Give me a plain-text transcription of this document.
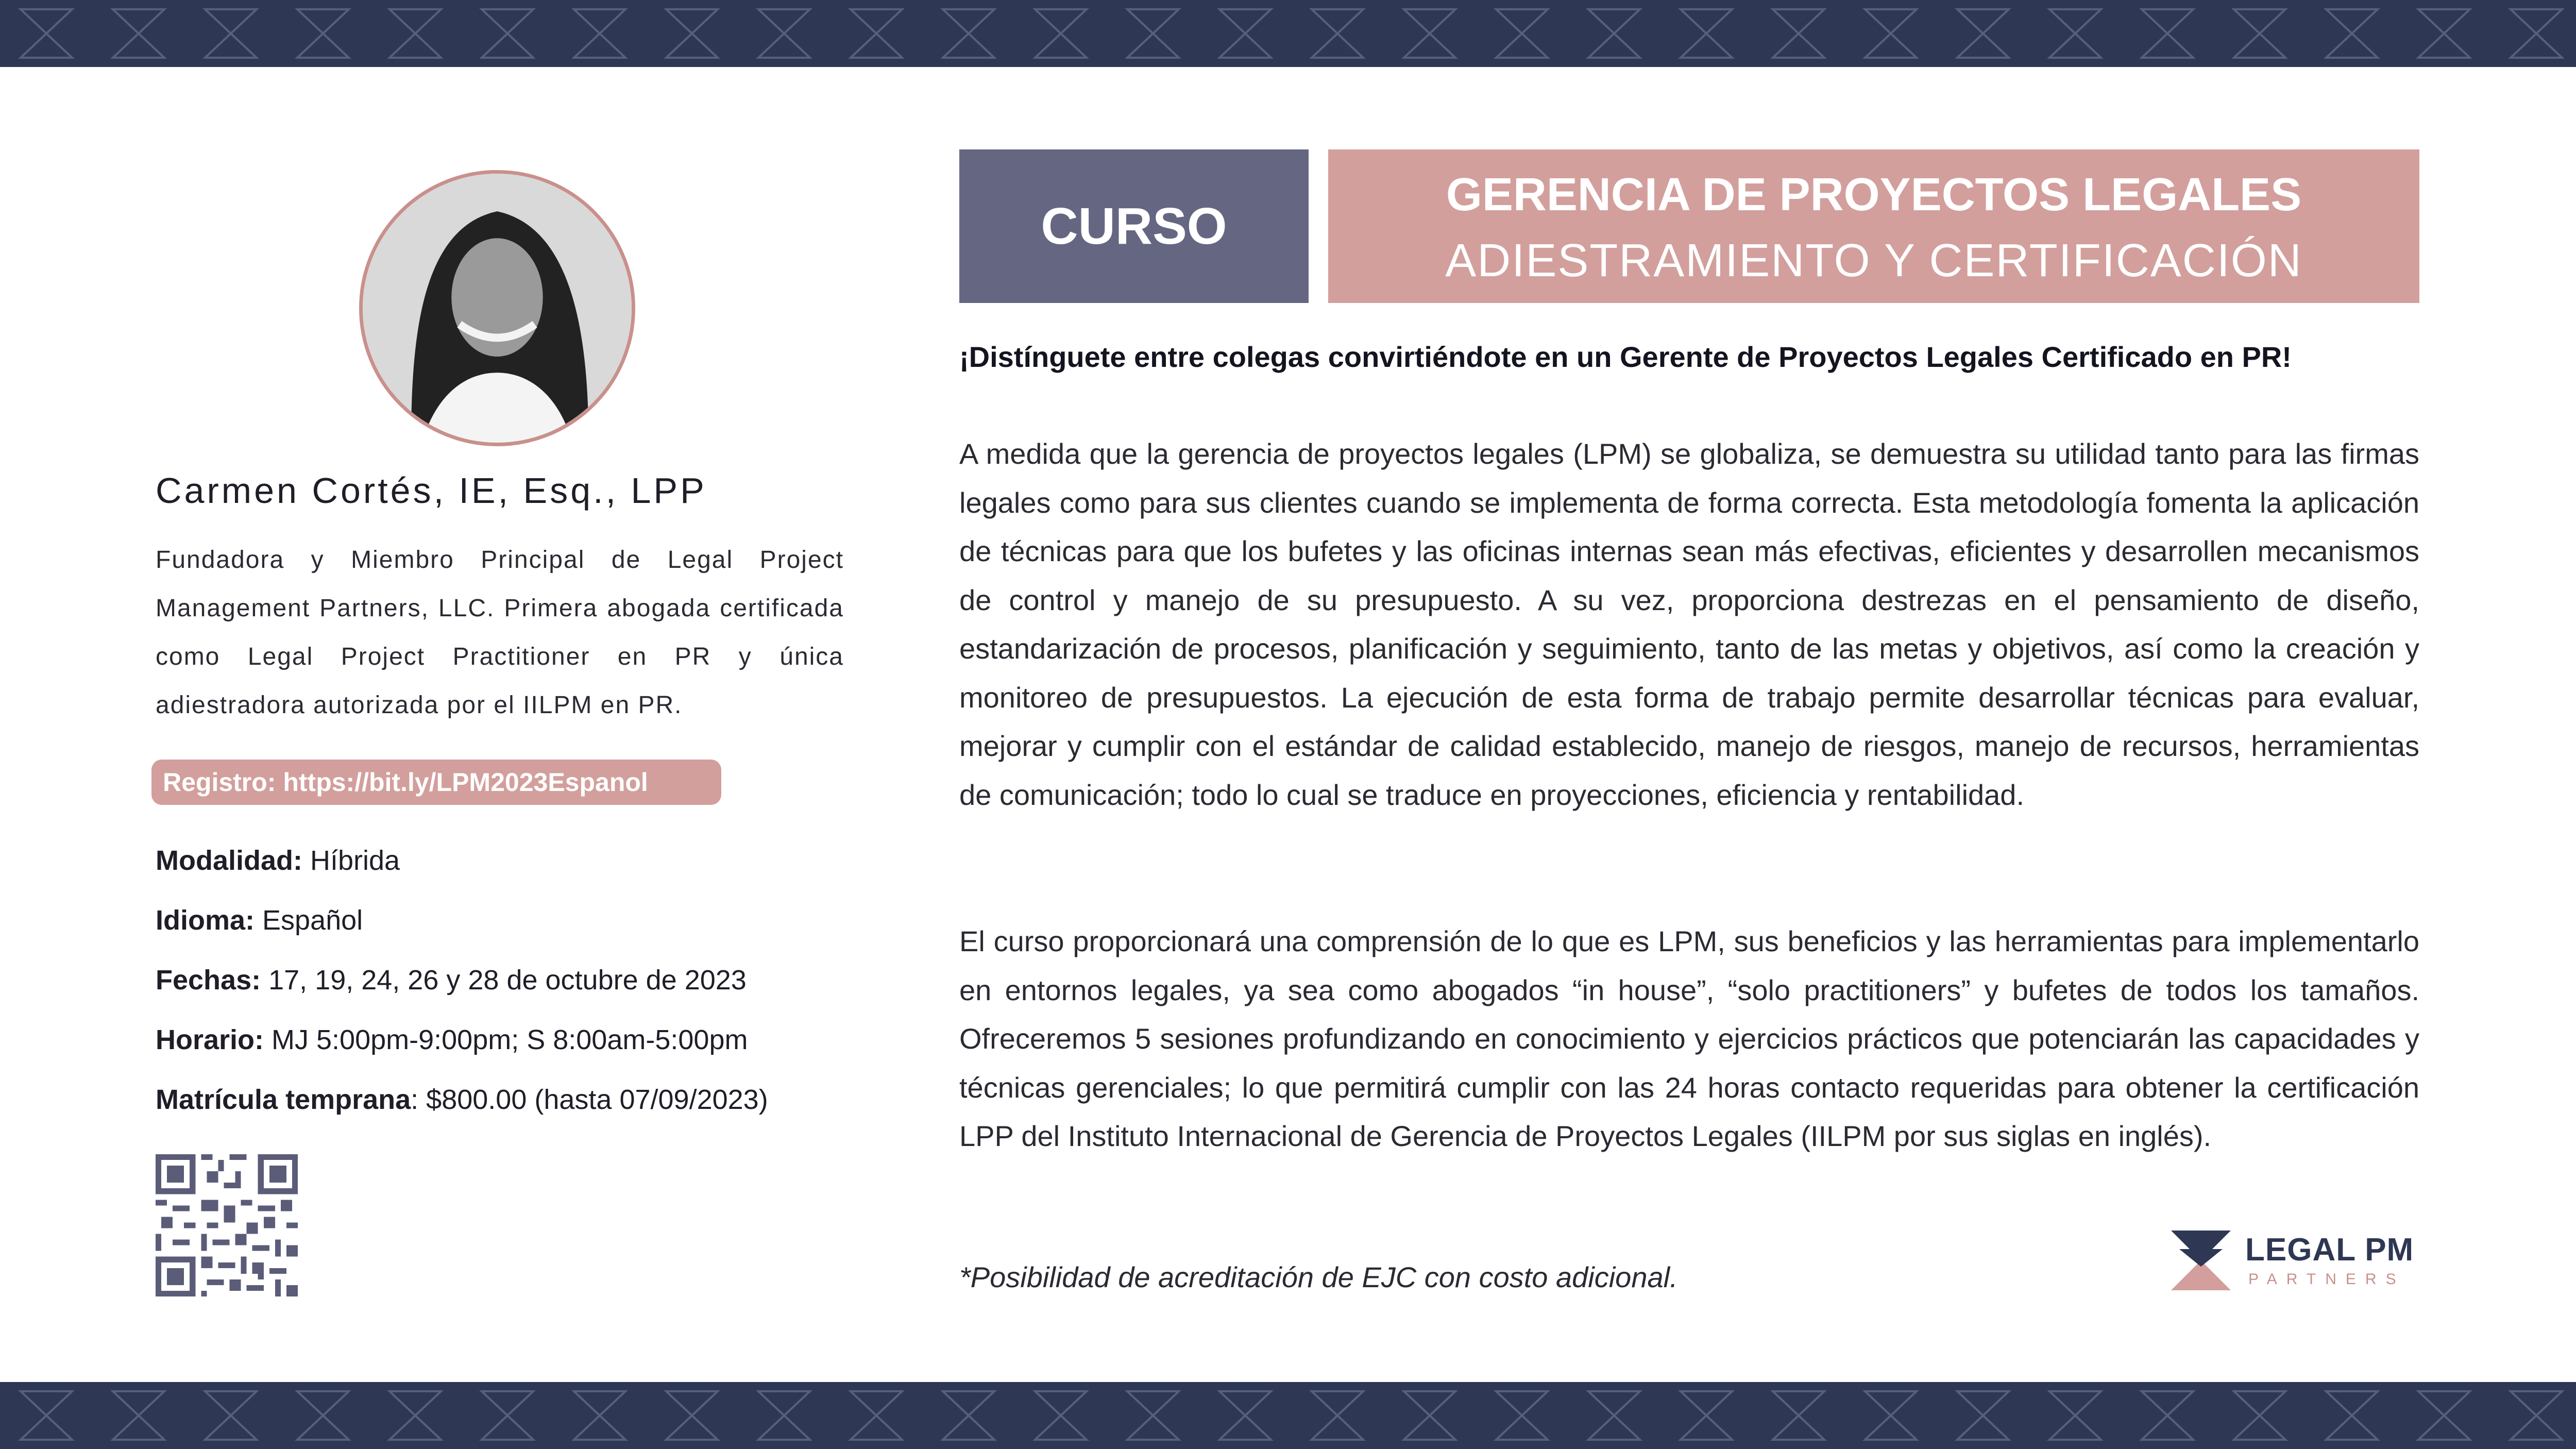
Carmen Cortés, IE, Esq., LPP
Fundadora y Miembro Principal de Legal Project Management Partners, LLC. Primera abogada certificada como Legal Project Practitioner en PR y única adiestradora autorizada por el IILPM en PR.
Registro: https://bit.ly/LPM2023Espanol
Modalidad: Híbrida
Idioma: Español
Fechas: 17, 19, 24, 26 y 28 de octubre de 2023
Horario: MJ 5:00pm-9:00pm; S 8:00am-5:00pm
Matrícula temprana: $800.00 (hasta 07/09/2023)
CURSO
GERENCIA DE PROYECTOS LEGALES
ADIESTRAMIENTO Y CERTIFICACIÓN
¡Distínguete entre colegas convirtiéndote en un Gerente de Proyectos Legales Certificado en PR!
A medida que la gerencia de proyectos legales (LPM) se globaliza, se demuestra su utilidad tanto para las firmas legales como para sus clientes cuando se implementa de forma correcta. Esta metodología fomenta la aplicación de técnicas para que los bufetes y las oficinas internas sean más efectivas, eficientes y desarrollen mecanismos de control y manejo de su presupuesto. A su vez, proporciona destrezas en el pensamiento de diseño, estandarización de procesos, planificación y seguimiento, tanto de las metas y objetivos, así como la creación y monitoreo de presupuestos. La ejecución de esta forma de trabajo permite desarrollar técnicas para evaluar, mejorar y cumplir con el estándar de calidad establecido, manejo de riesgos, manejo de recursos, herramientas de comunicación; todo lo cual se traduce en proyecciones, eficiencia y rentabilidad.
El curso proporcionará una comprensión de lo que es LPM, sus beneficios y las herramientas para implementarlo en entornos legales, ya sea como abogados “in house”, “solo practitioners” y bufetes de todos los tamaños. Ofreceremos 5 sesiones profundizando en conocimiento y ejercicios prácticos que potenciarán las capacidades y técnicas gerenciales; lo que permitirá cumplir con las 24 horas contacto requeridas para obtener la certificación LPP del Instituto Internacional de Gerencia de Proyectos Legales (IILPM por sus siglas en inglés).
*Posibilidad de acreditación de EJC con costo adicional.
LEGAL PM
PARTNERS
